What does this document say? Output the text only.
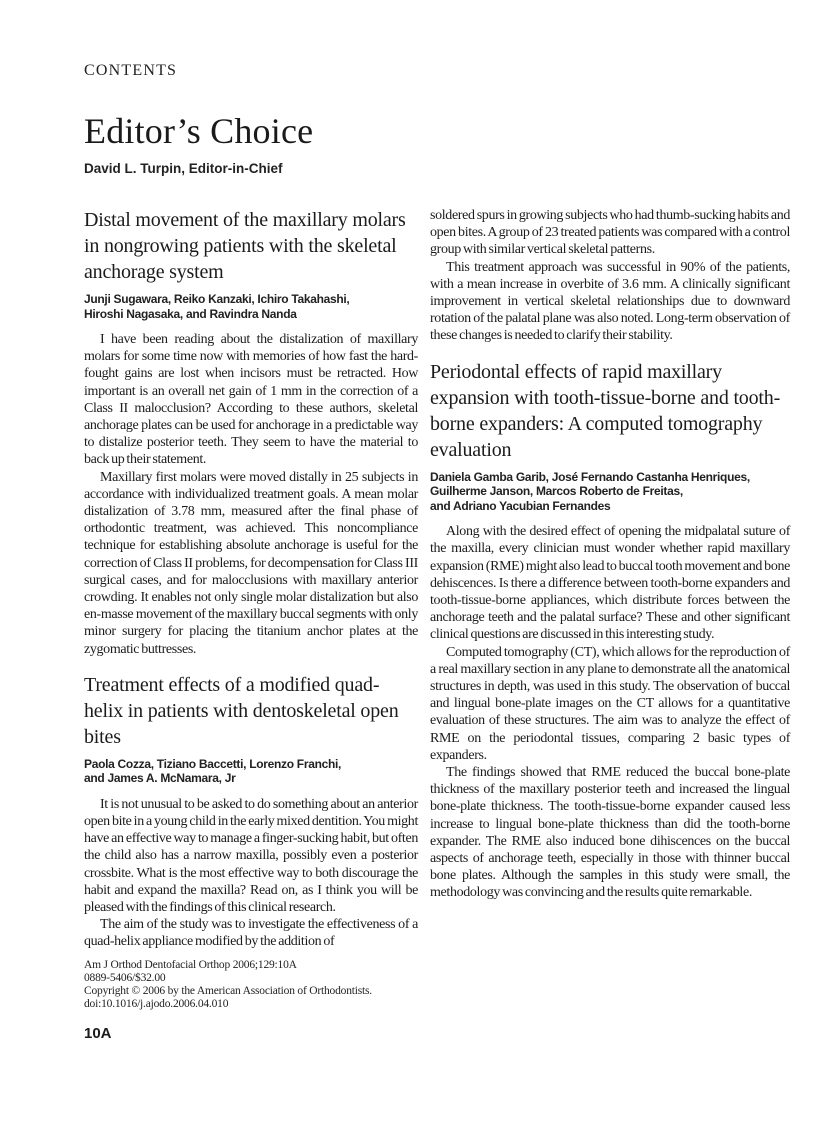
CONTENTS
Editor’s Choice
David L. Turpin, Editor-in-Chief
Distal movement of the maxillary molars in nongrowing patients with the skeletal anchorage system
Junji Sugawara, Reiko Kanzaki, Ichiro Takahashi,
Hiroshi Nagasaka, and Ravindra Nanda

I have been reading about the distalization of maxillary molars for some time now with memories of how fast the hard-fought gains are lost when incisors must be retracted. How important is an overall net gain of 1 mm in the correction of a Class II malocclusion? According to these authors, skeletal anchorage plates can be used for anchorage in a predictable way to distalize posterior teeth. They seem to have the material to back up their statement.

Maxillary first molars were moved distally in 25 subjects in accordance with individualized treatment goals. A mean molar distalization of 3.78 mm, measured after the final phase of orthodontic treatment, was achieved. This noncompliance technique for establishing absolute anchorage is useful for the correction of Class II problems, for decompensation for Class III surgical cases, and for malocclusions with maxillary anterior crowding. It enables not only single molar distalization but also en-masse movement of the maxillary buccal segments with only minor surgery for placing the titanium anchor plates at the zygomatic buttresses.

Treatment effects of a modified quad-helix in patients with dentoskeletal open bites
Paola Cozza, Tiziano Baccetti, Lorenzo Franchi,
and James A. McNamara, Jr

It is not unusual to be asked to do something about an anterior open bite in a young child in the early mixed dentition. You might have an effective way to manage a finger-sucking habit, but often the child also has a narrow maxilla, possibly even a posterior crossbite. What is the most effective way to both discourage the habit and expand the maxilla? Read on, as I think you will be pleased with the findings of this clinical research.

The aim of the study was to investigate the effectiveness of a quad-helix appliance modified by the addition of

Am J Orthod Dentofacial Orthop 2006;129:10A
0889-5406/$32.00
Copyright © 2006 by the American Association of Orthodontists.
doi:10.1016/j.ajodo.2006.04.010
10A

soldered spurs in growing subjects who had thumb-sucking habits and open bites. A group of 23 treated patients was compared with a control group with similar vertical skeletal patterns.

This treatment approach was successful in 90% of the patients, with a mean increase in overbite of 3.6 mm. A clinically significant improvement in vertical skeletal relationships due to downward rotation of the palatal plane was also noted. Long-term observation of these changes is needed to clarify their stability.

Periodontal effects of rapid maxillary expansion with tooth-tissue-borne and tooth-borne expanders: A computed tomography evaluation
Daniela Gamba Garib, José Fernando Castanha Henriques,
Guilherme Janson, Marcos Roberto de Freitas,
and Adriano Yacubian Fernandes

Along with the desired effect of opening the midpalatal suture of the maxilla, every clinician must wonder whether rapid maxillary expansion (RME) might also lead to buccal tooth movement and bone dehiscences. Is there a difference between tooth-borne expanders and tooth-tissue-borne appliances, which distribute forces between the anchorage teeth and the palatal surface? These and other significant clinical questions are discussed in this interesting study.

Computed tomography (CT), which allows for the reproduction of a real maxillary section in any plane to demonstrate all the anatomical structures in depth, was used in this study. The observation of buccal and lingual bone-plate images on the CT allows for a quantitative evaluation of these structures. The aim was to analyze the effect of RME on the periodontal tissues, comparing 2 basic types of expanders.

The findings showed that RME reduced the buccal bone-plate thickness of the maxillary posterior teeth and increased the lingual bone-plate thickness. The tooth-tissue-borne expander caused less increase to lingual bone-plate thickness than did the tooth-borne expander. The RME also induced bone dihiscences on the buccal aspects of anchorage teeth, especially in those with thinner buccal bone plates. Although the samples in this study were small, the methodology was convincing and the results quite remarkable.
